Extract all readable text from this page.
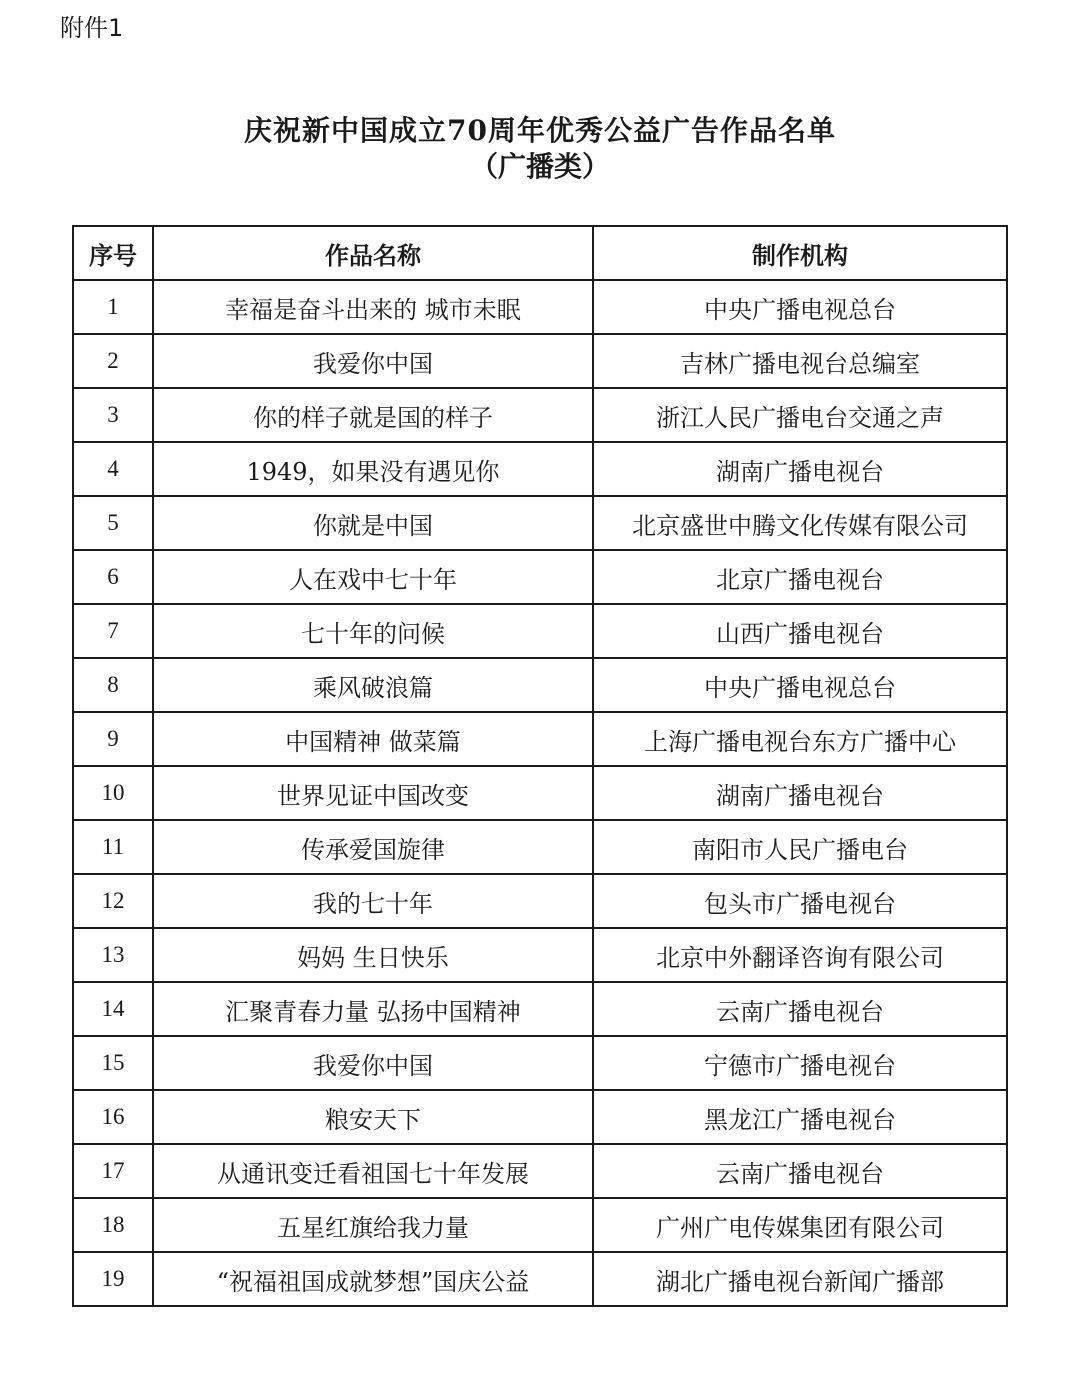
附件1
庆祝新中国成立70周年优秀公益广告作品名单
（广播类）
序号	作品名称	制作机构
1	幸福是奋斗出来的 城市未眠	中央广播电视总台
2	我爱你中国	吉林广播电视台总编室
3	你的样子就是国的样子	浙江人民广播电台交通之声
4	1949，如果没有遇见你	湖南广播电视台
5	你就是中国	北京盛世中腾文化传媒有限公司
6	人在戏中七十年	北京广播电视台
7	七十年的问候	山西广播电视台
8	乘风破浪篇	中央广播电视总台
9	中国精神 做菜篇	上海广播电视台东方广播中心
10	世界见证中国改变	湖南广播电视台
11	传承爱国旋律	南阳市人民广播电台
12	我的七十年	包头市广播电视台
13	妈妈 生日快乐	北京中外翻译咨询有限公司
14	汇聚青春力量 弘扬中国精神	云南广播电视台
15	我爱你中国	宁德市广播电视台
16	粮安天下	黑龙江广播电视台
17	从通讯变迁看祖国七十年发展	云南广播电视台
18	五星红旗给我力量	广州广电传媒集团有限公司
19	“祝福祖国成就梦想”国庆公益	湖北广播电视台新闻广播部
